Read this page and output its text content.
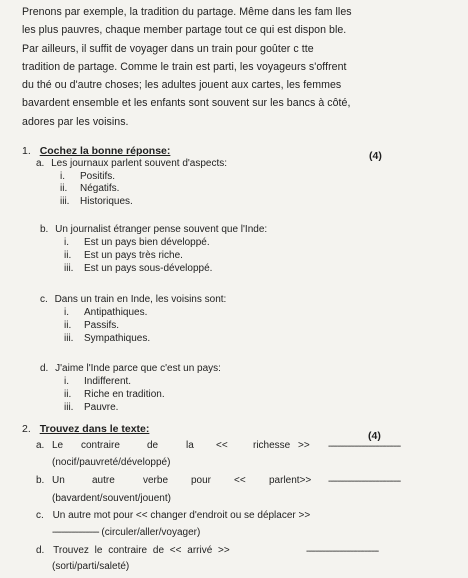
Prenons par exemple, la tradition du partage. Même dans les fam lles
les plus pauvres, chaque member partage tout ce qui est dispon ble.
Par ailleurs, il suffit de voyager dans un train pour goûter c tte
tradition de partage. Comme le train est parti, les voyageurs s'offrent
du thé ou d'autre choses; les adultes jouent aux cartes, les femmes
bavardent ensemble et les enfants sont souvent sur les bancs à côté,
adores par les voisins.
1. Cochez la bonne réponse:	(4)
a. Les journaux parlent souvent d'aspects:
i. Positifs.
ii. Négatifs.
iii. Historiques.
b. Un journalist étranger pense souvent que l'Inde:
i. Est un pays bien développé.
ii. Est un pays très riche.
iii. Est un pays sous-développé.
c. Dans un train en Inde, les voisins sont:
i. Antipathiques.
ii. Passifs.
iii. Sympathiques.
d. J'aime l'Inde parce que c'est un pays:
i. Indifferent.
ii. Riche en tradition.
iii. Pauvre.
2. Trouvez dans le texte:
(4)
a. Le contraire	de	la <<	richesse >> -------------------------------
(nocif/pauvreté/développé)
b. Un	autre	verbe pour << parlent>> -------------------------------
(bavardent/souvent/jouent)
c. Un autre mot pour << changer d'endroit ou se déplacer >>
-------------------- (circuler/aller/voyager)
d. Trouvez le contraire de << arrivé >>	-------------------------------
(sorti/parti/saleté)
